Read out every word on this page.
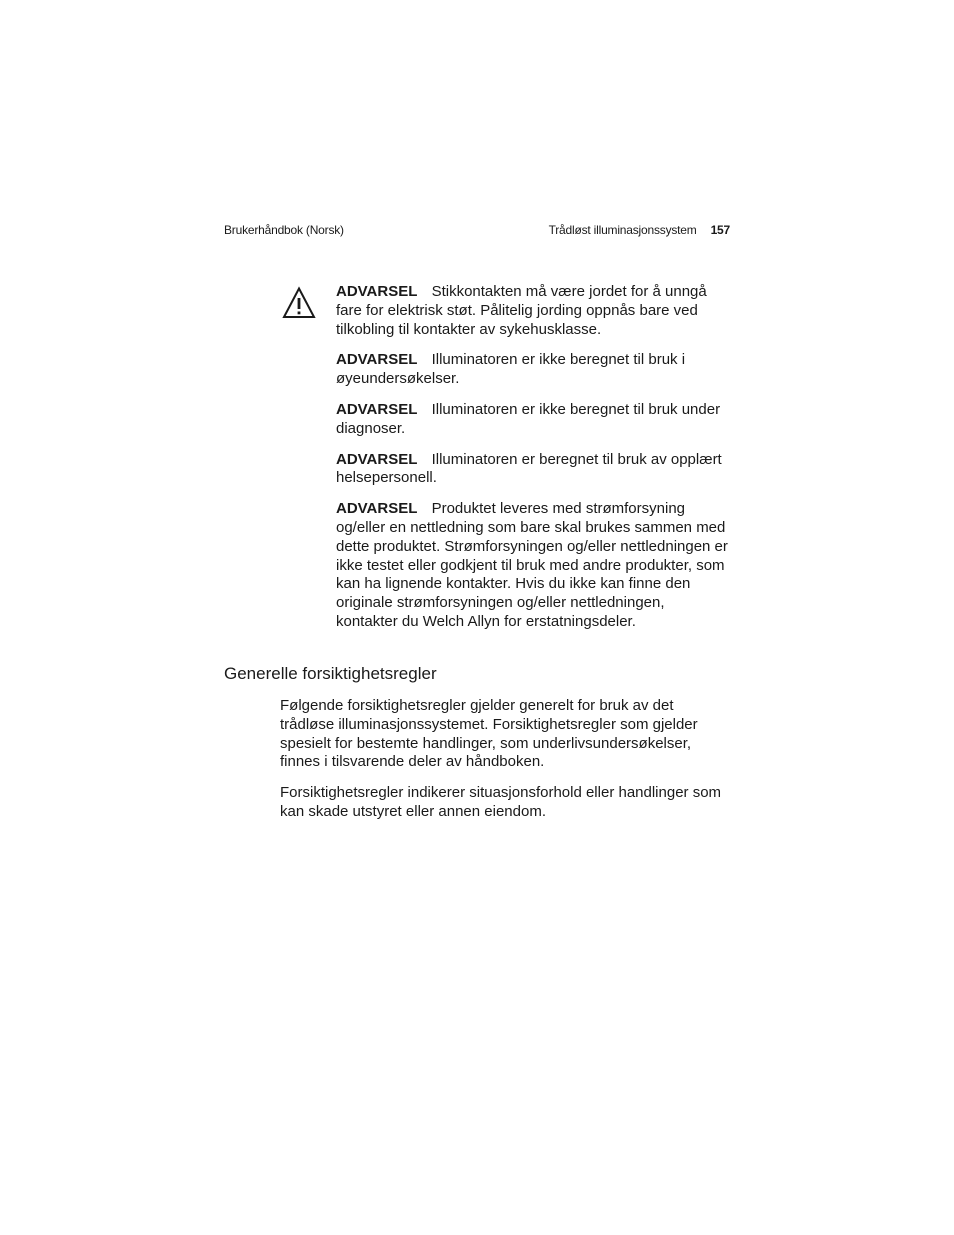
Brukerhåndbok (Norsk)	Trådløst illuminasjonssystem 157

ADVARSEL Stikkontakten må være jordet for å unngå fare for elektrisk støt. Pålitelig jording oppnås bare ved tilkobling til kontakter av sykehusklasse.

ADVARSEL Illuminatoren er ikke beregnet til bruk i øyeundersøkelser.

ADVARSEL Illuminatoren er ikke beregnet til bruk under diagnoser.

ADVARSEL Illuminatoren er beregnet til bruk av opplært helsepersonell.

ADVARSEL Produktet leveres med strømforsyning og/eller en nettledning som bare skal brukes sammen med dette produktet. Strømforsyningen og/eller nettledningen er ikke testet eller godkjent til bruk med andre produkter, som kan ha lignende kontakter. Hvis du ikke kan finne den originale strømforsyningen og/eller nettledningen, kontakter du Welch Allyn for erstatningsdeler.

Generelle forsiktighetsregler

Følgende forsiktighetsregler gjelder generelt for bruk av det trådløse illuminasjonssystemet. Forsiktighetsregler som gjelder spesielt for bestemte handlinger, som underlivsundersøkelser, finnes i tilsvarende deler av håndboken.

Forsiktighetsregler indikerer situasjonsforhold eller handlinger som kan skade utstyret eller annen eiendom.
